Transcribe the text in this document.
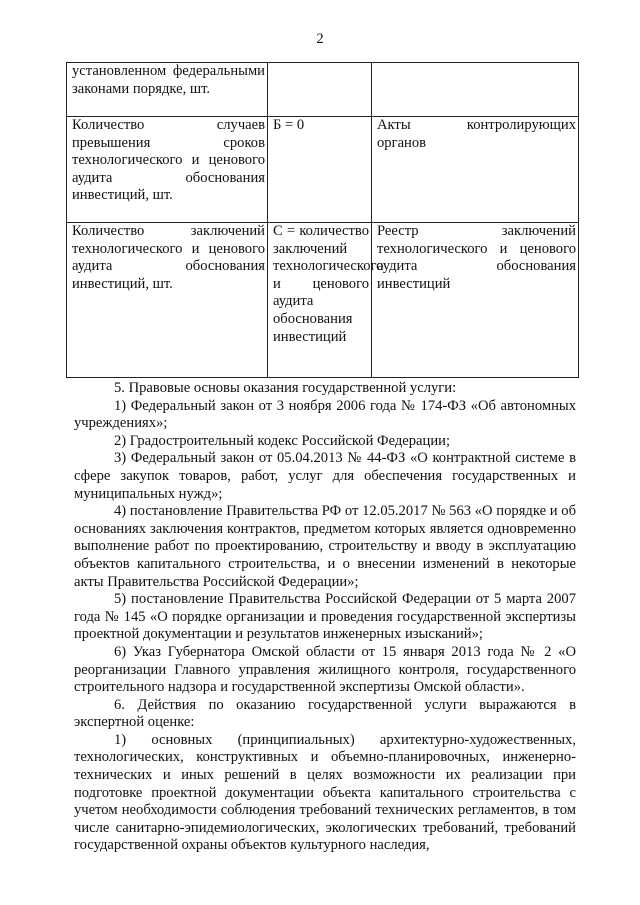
2
установленном федеральными законами порядке, шт.		
Количество случаев превышения сроков технологического и ценового аудита обоснования инвестиций, шт.	Б = 0	Акты контролирующих органов
Количество заключений технологического и ценового аудита обоснования инвестиций, шт.	С = количество заключений технологического и ценового аудита обоснования инвестиций	Реестр заключений технологического и ценового аудита обоснования инвестиций

5. Правовые основы оказания государственной услуги:

1) Федеральный закон от 3 ноября 2006 года № 174-ФЗ «Об автономных учреждениях»;

2) Градостроительный кодекс Российской Федерации;

3) Федеральный закон от 05.04.2013 № 44-ФЗ «О контрактной системе в сфере закупок товаров, работ, услуг для обеспечения государственных и муниципальных нужд»;

4) постановление Правительства РФ от 12.05.2017 № 563 «О порядке и об основаниях заключения контрактов, предметом которых является одновременно выполнение работ по проектированию, строительству и вводу в эксплуатацию объектов капитального строительства, и о внесении изменений в некоторые акты Правительства Российской Федерации»;

5) постановление Правительства Российской Федерации от 5 марта 2007 года № 145 «О порядке организации и проведения государственной экспертизы проектной документации и результатов инженерных изысканий»;

6) Указ Губернатора Омской области от 15 января 2013 года № 2 «О реорганизации Главного управления жилищного контроля, государственного строительного надзора и государственной экспертизы Омской области».

6. Действия по оказанию государственной услуги выражаются в экспертной оценке:

1) основных (принципиальных) архитектурно-художественных, технологических, конструктивных и объемно-планировочных, инженерно-технических и иных решений в целях возможности их реализации при подготовке проектной документации объекта капитального строительства с учетом необходимости соблюдения требований технических регламентов, в том числе санитарно-эпидемиологических, экологических требований, требований государственной охраны объектов культурного наследия,
